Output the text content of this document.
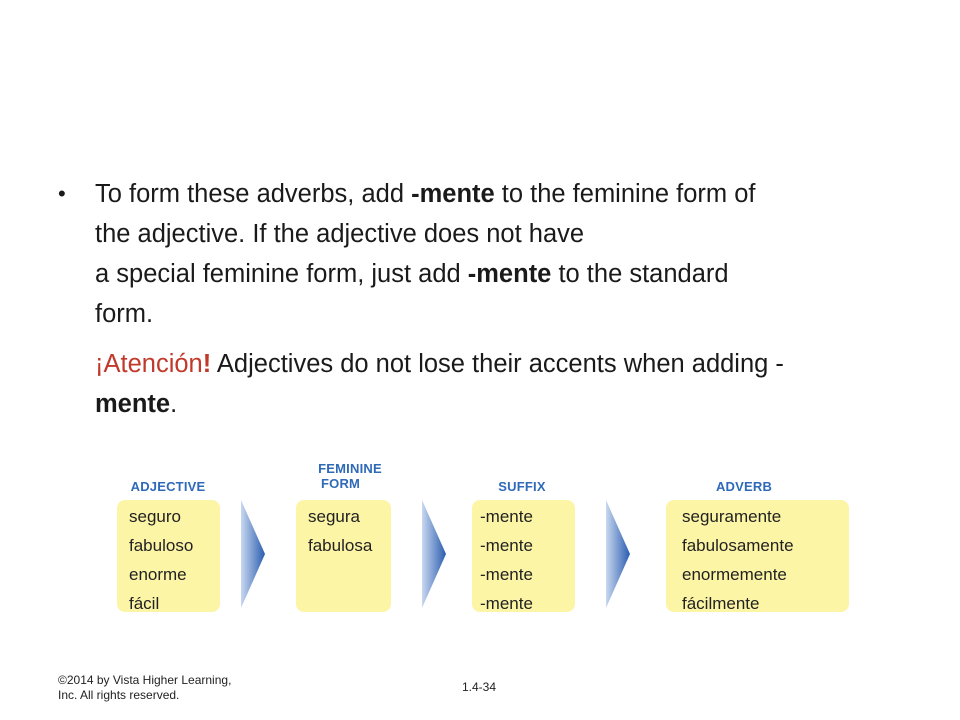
• To form these adverbs, add -mente to the feminine form of
the adjective. If the adjective does not have
a special feminine form, just add -mente to the standard
form.
¡Atención! Adjectives do not lose their accents when adding -
mente.
ADJECTIVE
FEMININE
FORM	SUFFIX	ADVERB
seguro
fabuloso
enorme
fácil
segura
fabulosa
-mente
-mente
-mente
-mente
seguramente
fabulosamente
enormemente
fácilmente
©2014 by Vista Higher Learning,
Inc. All rights reserved.
1.4-34
